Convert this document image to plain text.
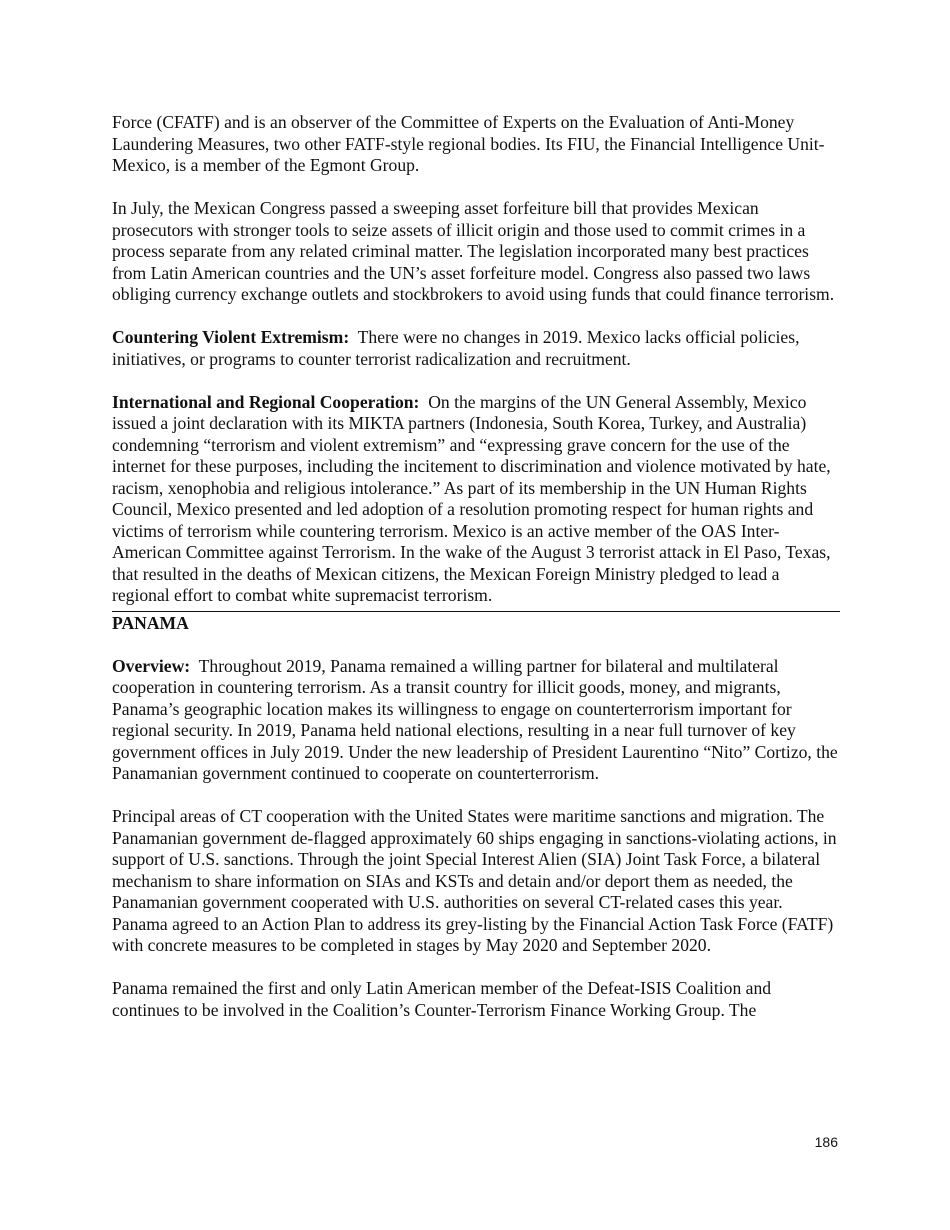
Force (CFATF) and is an observer of the Committee of Experts on the Evaluation of Anti-Money Laundering Measures, two other FATF-style regional bodies. Its FIU, the Financial Intelligence Unit-Mexico, is a member of the Egmont Group.

In July, the Mexican Congress passed a sweeping asset forfeiture bill that provides Mexican prosecutors with stronger tools to seize assets of illicit origin and those used to commit crimes in a process separate from any related criminal matter. The legislation incorporated many best practices from Latin American countries and the UN’s asset forfeiture model. Congress also passed two laws obliging currency exchange outlets and stockbrokers to avoid using funds that could finance terrorism.

Countering Violent Extremism: There were no changes in 2019. Mexico lacks official policies, initiatives, or programs to counter terrorist radicalization and recruitment.

International and Regional Cooperation: On the margins of the UN General Assembly, Mexico issued a joint declaration with its MIKTA partners (Indonesia, South Korea, Turkey, and Australia) condemning “terrorism and violent extremism” and “expressing grave concern for the use of the internet for these purposes, including the incitement to discrimination and violence motivated by hate, racism, xenophobia and religious intolerance.” As part of its membership in the UN Human Rights Council, Mexico presented and led adoption of a resolution promoting respect for human rights and victims of terrorism while countering terrorism. Mexico is an active member of the OAS Inter-American Committee against Terrorism. In the wake of the August 3 terrorist attack in El Paso, Texas, that resulted in the deaths of Mexican citizens, the Mexican Foreign Ministry pledged to lead a regional effort to combat white supremacist terrorism.

PANAMA

Overview: Throughout 2019, Panama remained a willing partner for bilateral and multilateral cooperation in countering terrorism. As a transit country for illicit goods, money, and migrants, Panama’s geographic location makes its willingness to engage on counterterrorism important for regional security. In 2019, Panama held national elections, resulting in a near full turnover of key government offices in July 2019. Under the new leadership of President Laurentino “Nito” Cortizo, the Panamanian government continued to cooperate on counterterrorism.

Principal areas of CT cooperation with the United States were maritime sanctions and migration. The Panamanian government de-flagged approximately 60 ships engaging in sanctions-violating actions, in support of U.S. sanctions. Through the joint Special Interest Alien (SIA) Joint Task Force, a bilateral mechanism to share information on SIAs and KSTs and detain and/or deport them as needed, the Panamanian government cooperated with U.S. authorities on several CT-related cases this year. Panama agreed to an Action Plan to address its grey-listing by the Financial Action Task Force (FATF) with concrete measures to be completed in stages by May 2020 and September 2020.

Panama remained the first and only Latin American member of the Defeat-ISIS Coalition and continues to be involved in the Coalition’s Counter-Terrorism Finance Working Group. The

186
